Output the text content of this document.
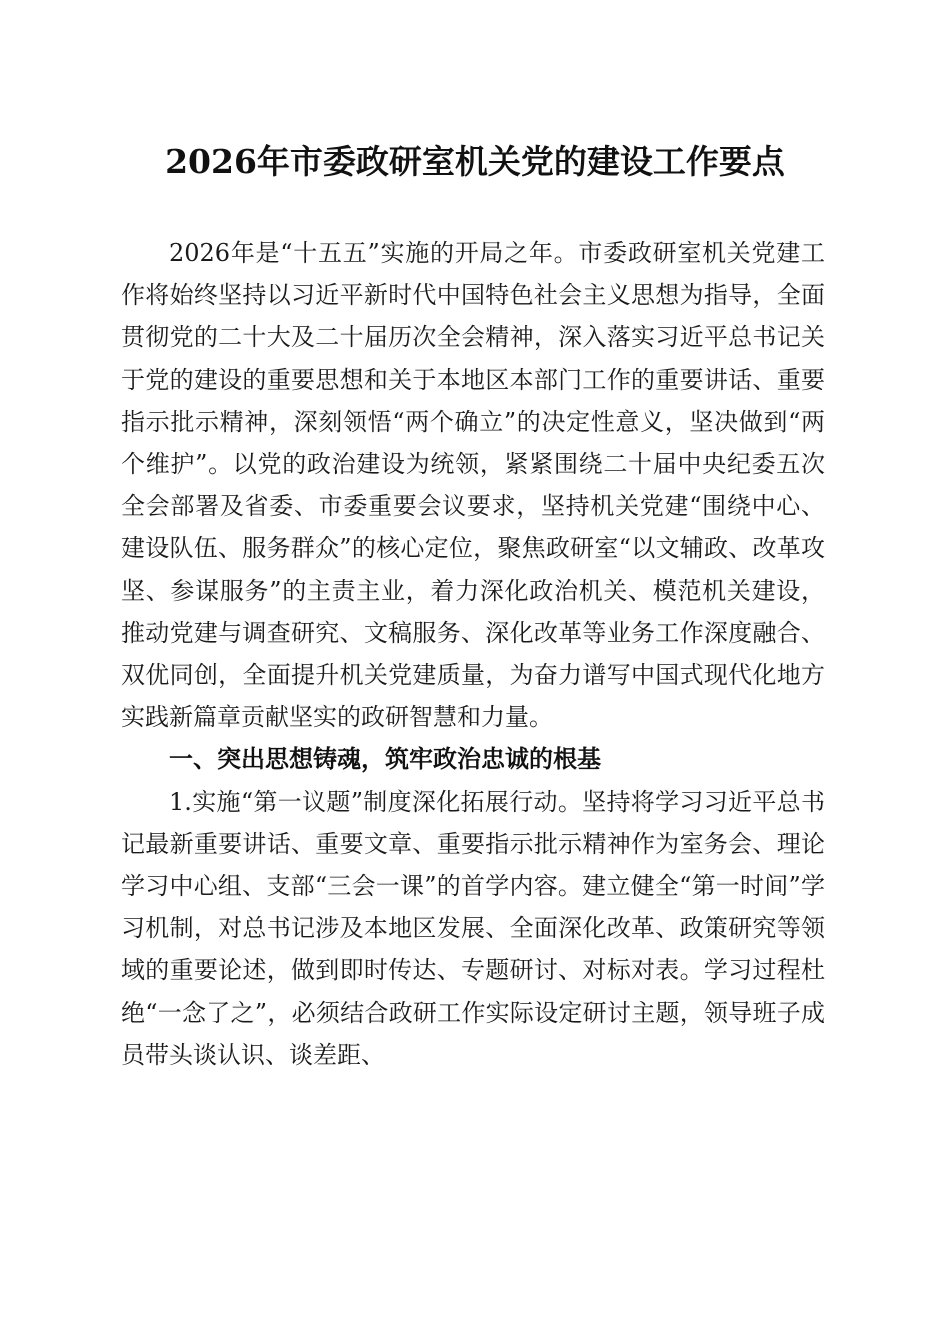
2026年市委政研室机关党的建设工作要点

2026年是“十五五”实施的开局之年。市委政研室机关党建工作将始终坚持以习近平新时代中国特色社会主义思想为指导，全面贯彻党的二十大及二十届历次全会精神，深入落实习近平总书记关于党的建设的重要思想和关于本地区本部门工作的重要讲话、重要指示批示精神，深刻领悟“两个确立”的决定性意义，坚决做到“两个维护”。以党的政治建设为统领，紧紧围绕二十届中央纪委五次全会部署及省委、市委重要会议要求，坚持机关党建“围绕中心、建设队伍、服务群众”的核心定位，聚焦政研室“以文辅政、改革攻坚、参谋服务”的主责主业，着力深化政治机关、模范机关建设，推动党建与调查研究、文稿服务、深化改革等业务工作深度融合、双优同创，全面提升机关党建质量，为奋力谱写中国式现代化地方实践新篇章贡献坚实的政研智慧和力量。

一、突出思想铸魂，筑牢政治忠诚的根基

1.实施“第一议题”制度深化拓展行动。坚持将学习习近平总书记最新重要讲话、重要文章、重要指示批示精神作为室务会、理论学习中心组、支部“三会一课”的首学内容。建立健全“第一时间”学习机制，对总书记涉及本地区发展、全面深化改革、政策研究等领域的重要论述，做到即时传达、专题研讨、对标对表。学习过程杜绝“一念了之”，必须结合政研工作实际设定研讨主题，领导班子成员带头谈认识、谈差距、
